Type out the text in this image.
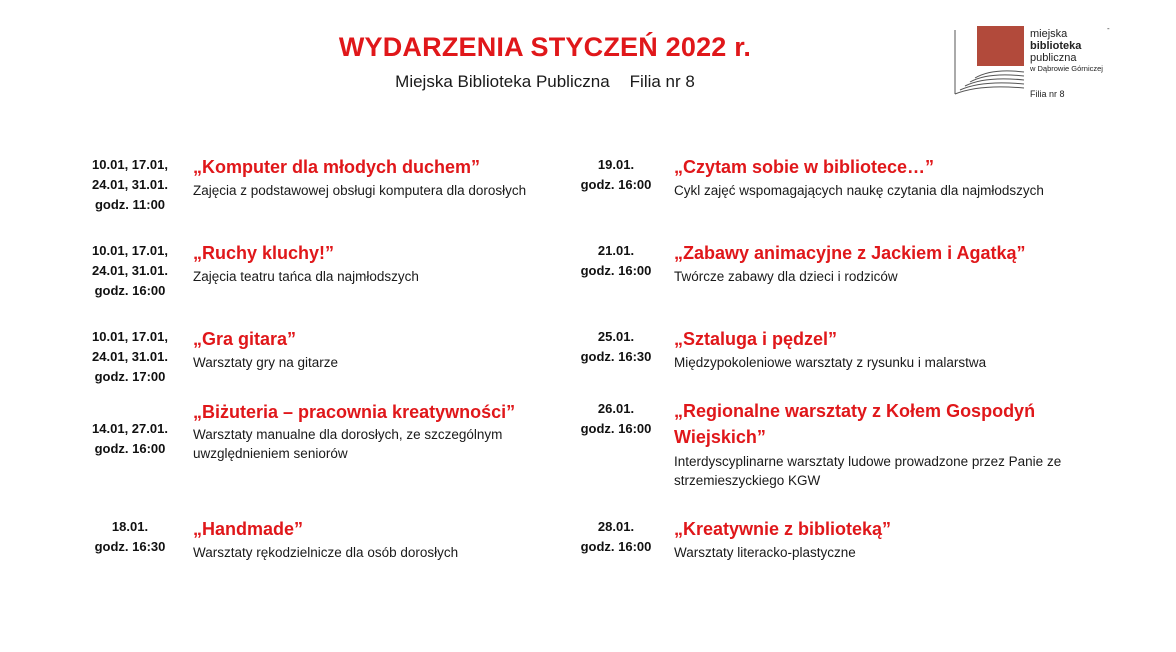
WYDARZENIA STYCZEŃ 2022 r.
Miejska Biblioteka Publiczna Filia nr 8
miejska
biblioteka
publiczna
w Dąbrowie Górniczej
-
Filia nr 8
10.01, 17.01,
24.01, 31.01.
godz. 11:00
„Komputer dla młodych duchem”
Zajęcia z podstawowej obsługi komputera dla dorosłych
10.01, 17.01,
24.01, 31.01.
godz. 16:00
„Ruchy kluchy!”
Zajęcia teatru tańca dla najmłodszych
10.01, 17.01,
24.01, 31.01.
godz. 17:00
„Gra gitara”
Warsztaty gry na gitarze
14.01, 27.01.
godz. 16:00
„Biżuteria – pracownia kreatywności”
Warsztaty manualne dla dorosłych, ze szczególnym
uwzględnieniem seniorów
18.01.
godz. 16:30
„Handmade”
Warsztaty rękodzielnicze dla osób dorosłych
19.01.
godz. 16:00
„Czytam sobie w bibliotece…”
Cykl zajęć wspomagających naukę czytania dla najmłodszych
21.01.
godz. 16:00
„Zabawy animacyjne z Jackiem i Agatką”
Twórcze zabawy dla dzieci i rodziców
25.01.
godz. 16:30
„Sztaluga i pędzel”
Międzypokoleniowe warsztaty z rysunku i malarstwa
26.01.
godz. 16:00
„Regionalne warsztaty z Kołem Gospodyń
Wiejskich”
Interdyscyplinarne warsztaty ludowe prowadzone przez Panie ze
strzemieszyckiego KGW
28.01.
godz. 16:00
„Kreatywnie z biblioteką”
Warsztaty literacko-plastyczne
